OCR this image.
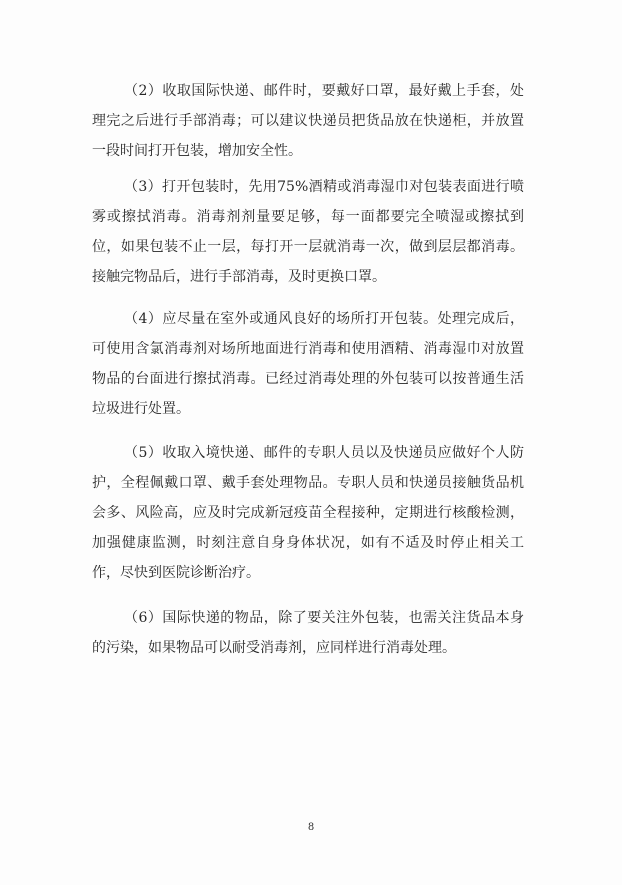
（2）收取国际快递、邮件时，要戴好口罩，最好戴上手套，处理完之后进行手部消毒；可以建议快递员把货品放在快递柜，并放置一段时间打开包装，增加安全性。

（3）打开包装时，先用75%酒精或消毒湿巾对包装表面进行喷雾或擦拭消毒。消毒剂剂量要足够，每一面都要完全喷湿或擦拭到位，如果包装不止一层，每打开一层就消毒一次，做到层层都消毒。接触完物品后，进行手部消毒，及时更换口罩。

（4）应尽量在室外或通风良好的场所打开包装。处理完成后，可使用含氯消毒剂对场所地面进行消毒和使用酒精、消毒湿巾对放置物品的台面进行擦拭消毒。已经过消毒处理的外包装可以按普通生活垃圾进行处置。

（5）收取入境快递、邮件的专职人员以及快递员应做好个人防护，全程佩戴口罩、戴手套处理物品。专职人员和快递员接触货品机会多、风险高，应及时完成新冠疫苗全程接种，定期进行核酸检测，加强健康监测，时刻注意自身身体状况，如有不适及时停止相关工作，尽快到医院诊断治疗。

（6）国际快递的物品，除了要关注外包装，也需关注货品本身的污染，如果物品可以耐受消毒剂，应同样进行消毒处理。

8
